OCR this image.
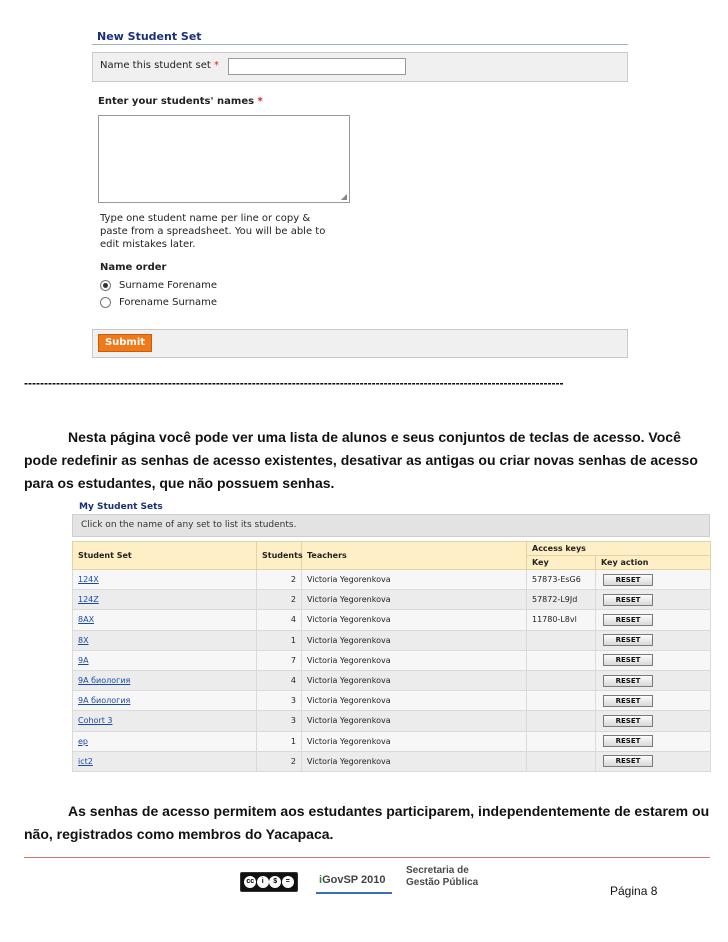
New Student Set
Name this student set *
Enter your students' names *
◢
Type one student name per line or copy & paste from a spreadsheet. You will be able to edit mistakes later.
Name order
Surname Forename
Forename Surname
Submit
---------------------------------------------------------------------------------------------------------------------------------------
Nesta página você pode ver uma lista de alunos e seus conjuntos de teclas de acesso. Você pode redefinir as senhas de acesso existentes, desativar as antigas ou criar novas senhas de acesso para os estudantes, que não possuem senhas.
My Student Sets
Click on the name of any set to list its students.
Student Set	Students	Teachers	Access keys	
			Key	Key action
124X	2	Victoria Yegorenkova	57873-EsG6	RESET
124Z	2	Victoria Yegorenkova	57872-L9Jd	RESET
8AX	4	Victoria Yegorenkova	11780-L8vl	RESET
8X	1	Victoria Yegorenkova		RESET
9A	7	Victoria Yegorenkova		RESET
9A биология	4	Victoria Yegorenkova		RESET
9A биология	3	Victoria Yegorenkova		RESET
Cohort 3	3	Victoria Yegorenkova		RESET
ep	1	Victoria Yegorenkova		RESET
ict2	2	Victoria Yegorenkova		RESET
As senhas de acesso permitem aos estudantes participarem, independentemente de estarem ou não, registrados como membros do Yacapaca.
cc	i	$	=	iGovSP 2010
Secretaria de
Gestão Pública
Página 8
